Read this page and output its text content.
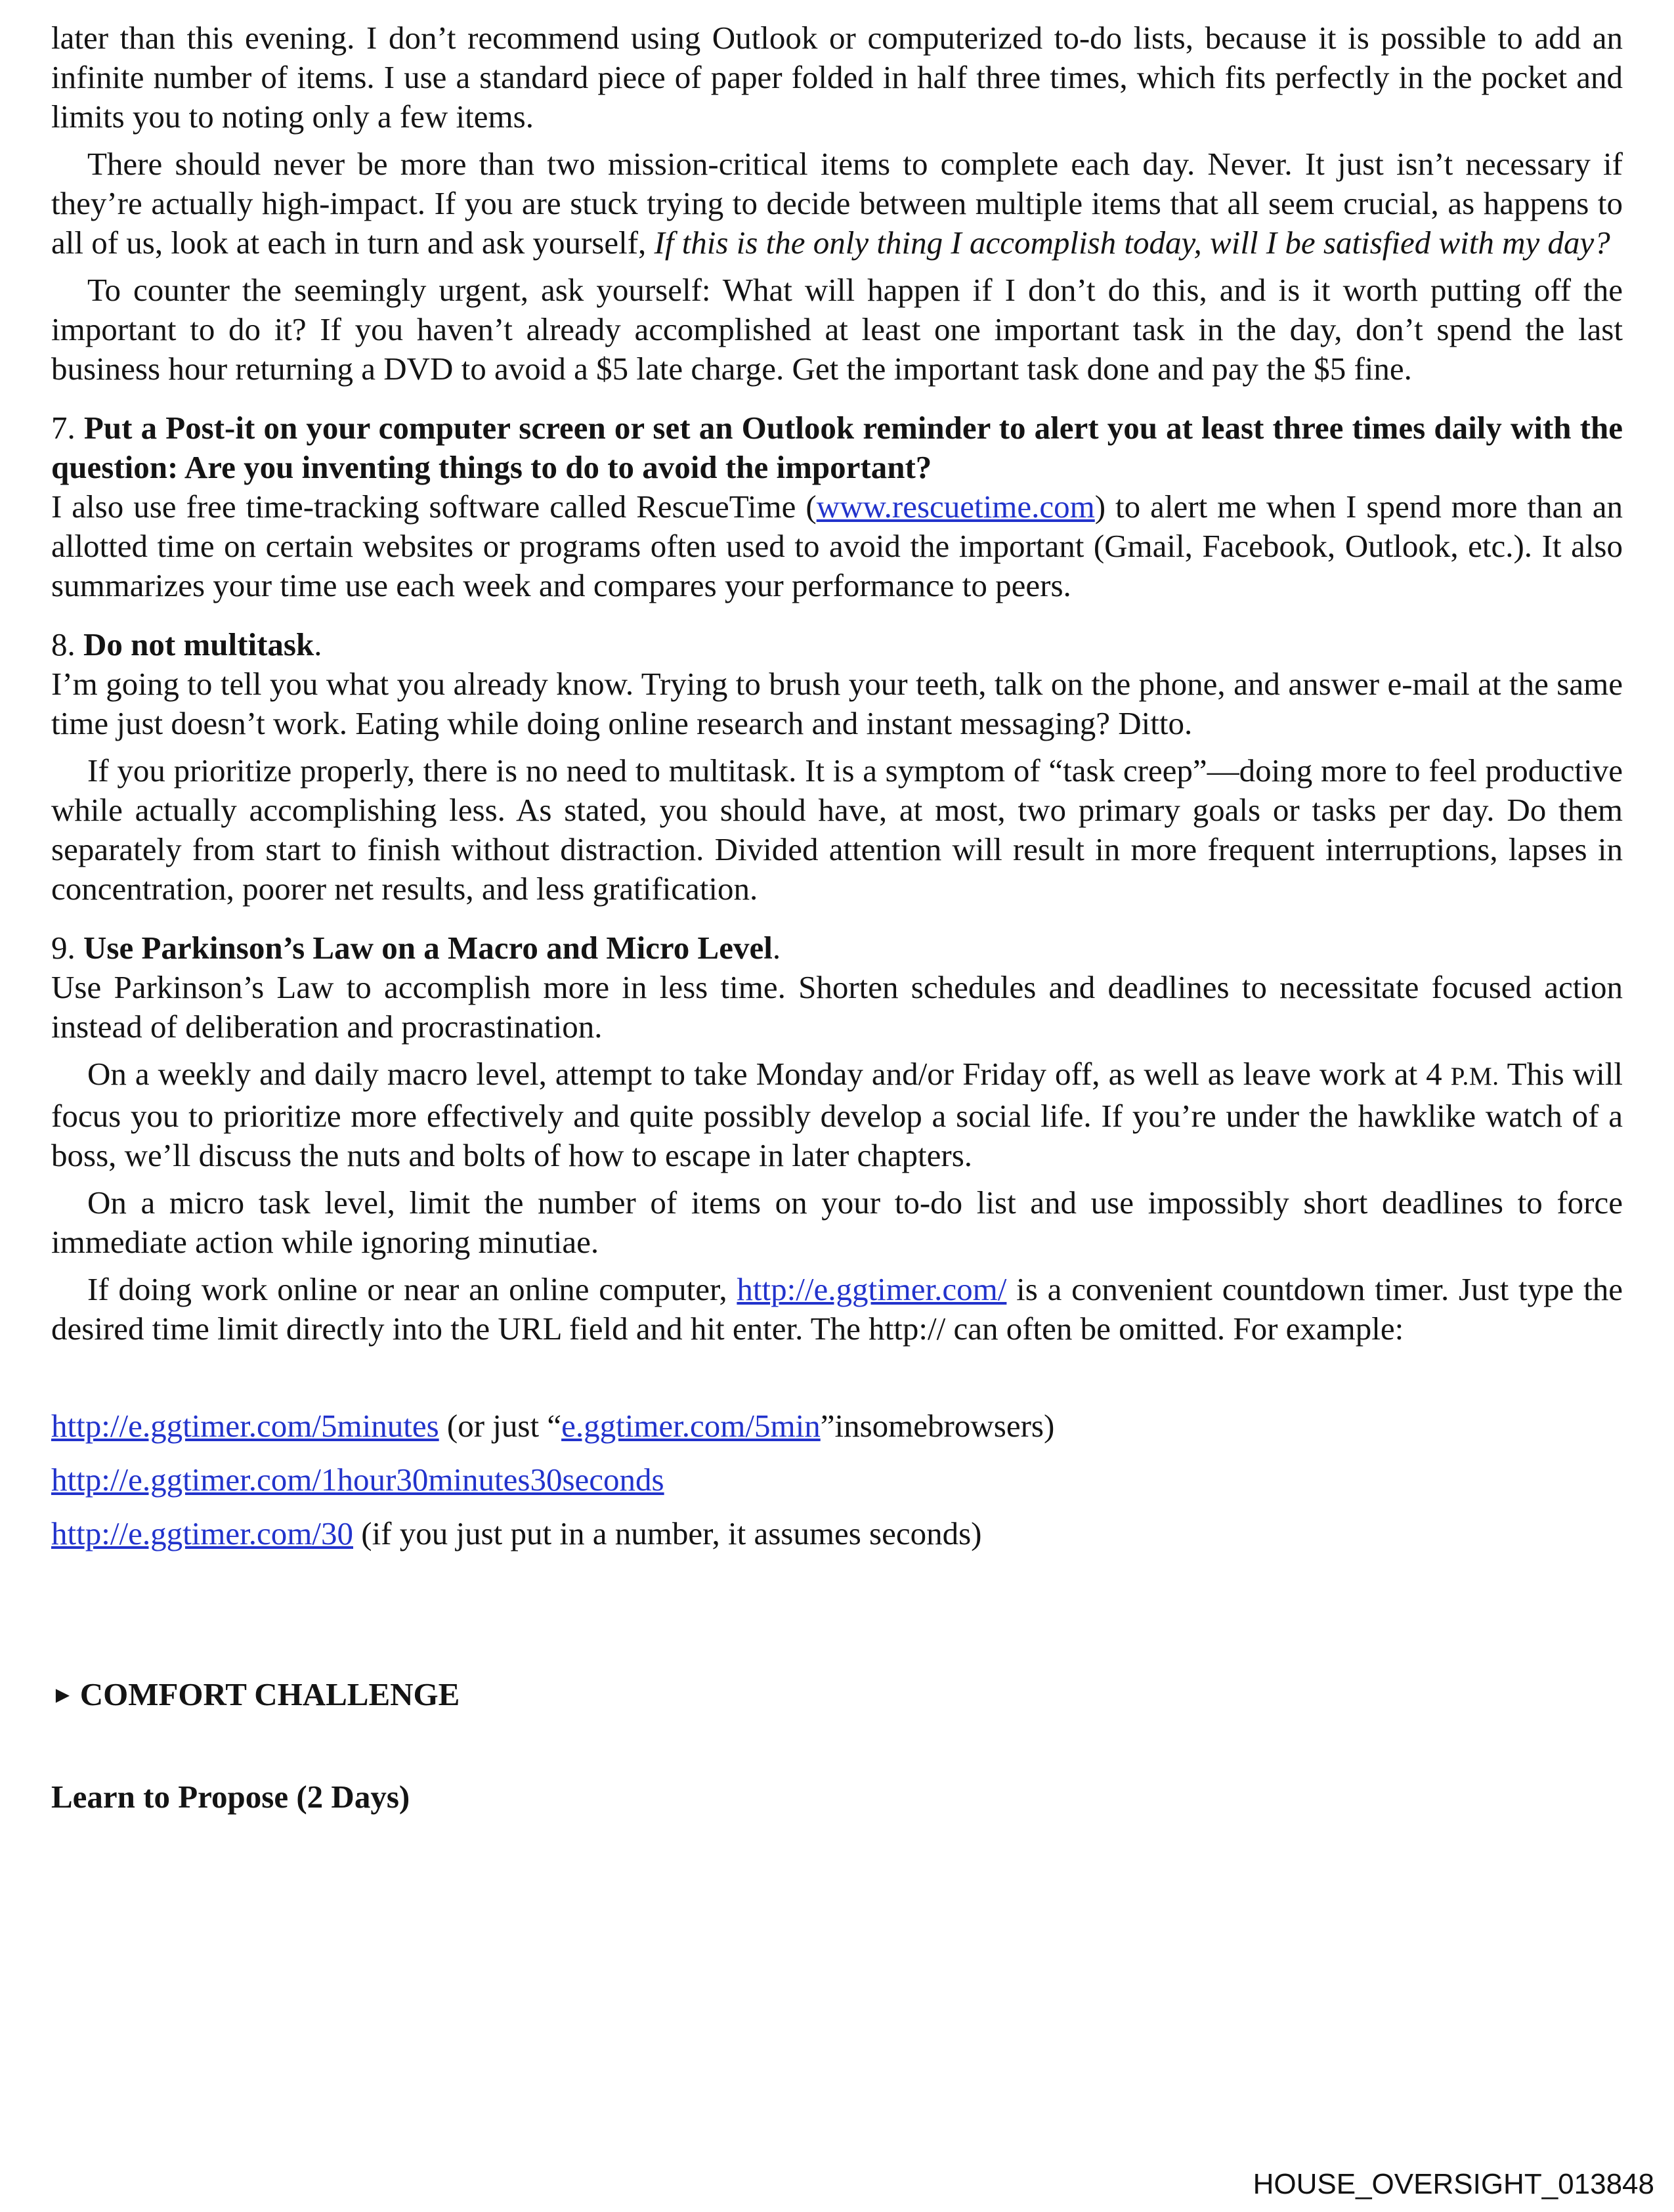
later than this evening. I don’t recommend using Outlook or computerized to-do lists, because it is possible to add an infinite number of items. I use a standard piece of paper folded in half three times, which fits perfectly in the pocket and limits you to noting only a few items.

There should never be more than two mission-critical items to complete each day. Never. It just isn’t necessary if they’re actually high-impact. If you are stuck trying to decide between multiple items that all seem crucial, as happens to all of us, look at each in turn and ask yourself, If this is the only thing I accomplish today, will I be satisfied with my day?

To counter the seemingly urgent, ask yourself: What will happen if I don’t do this, and is it worth putting off the important to do it? If you haven’t already accomplished at least one important task in the day, don’t spend the last business hour returning a DVD to avoid a $5 late charge. Get the important task done and pay the $5 fine.

7. Put a Post-it on your computer screen or set an Outlook reminder to alert you at least three times daily with the question: Are you inventing things to do to avoid the important?
I also use free time-tracking software called RescueTime (www.rescuetime.com) to alert me when I spend more than an allotted time on certain websites or programs often used to avoid the important (Gmail, Facebook, Outlook, etc.). It also summarizes your time use each week and compares your performance to peers.

8. Do not multitask.
I’m going to tell you what you already know. Trying to brush your teeth, talk on the phone, and answer e-mail at the same time just doesn’t work. Eating while doing online research and instant messaging? Ditto.

If you prioritize properly, there is no need to multitask. It is a symptom of “task creep”—doing more to feel productive while actually accomplishing less. As stated, you should have, at most, two primary goals or tasks per day. Do them separately from start to finish without distraction. Divided attention will result in more frequent interruptions, lapses in concentration, poorer net results, and less gratification.

9. Use Parkinson’s Law on a Macro and Micro Level.
Use Parkinson’s Law to accomplish more in less time. Shorten schedules and deadlines to necessitate focused action instead of deliberation and procrastination.

On a weekly and daily macro level, attempt to take Monday and/or Friday off, as well as leave work at 4 P.M. This will focus you to prioritize more effectively and quite possibly develop a social life. If you’re under the hawklike watch of a boss, we’ll discuss the nuts and bolts of how to escape in later chapters.

On a micro task level, limit the number of items on your to-do list and use impossibly short deadlines to force immediate action while ignoring minutiae.

If doing work online or near an online computer, http://e.ggtimer.com/ is a convenient countdown timer. Just type the desired time limit directly into the URL field and hit enter. The http:// can often be omitted. For example:

http://e.ggtimer.com/5minutes (or just “e.ggtimer.com/5min”insomebrowsers)

http://e.ggtimer.com/1hour30minutes30seconds

http://e.ggtimer.com/30 (if you just put in a number, it assumes seconds)

► COMFORT CHALLENGE

Learn to Propose (2 Days)

HOUSE_OVERSIGHT_013848
